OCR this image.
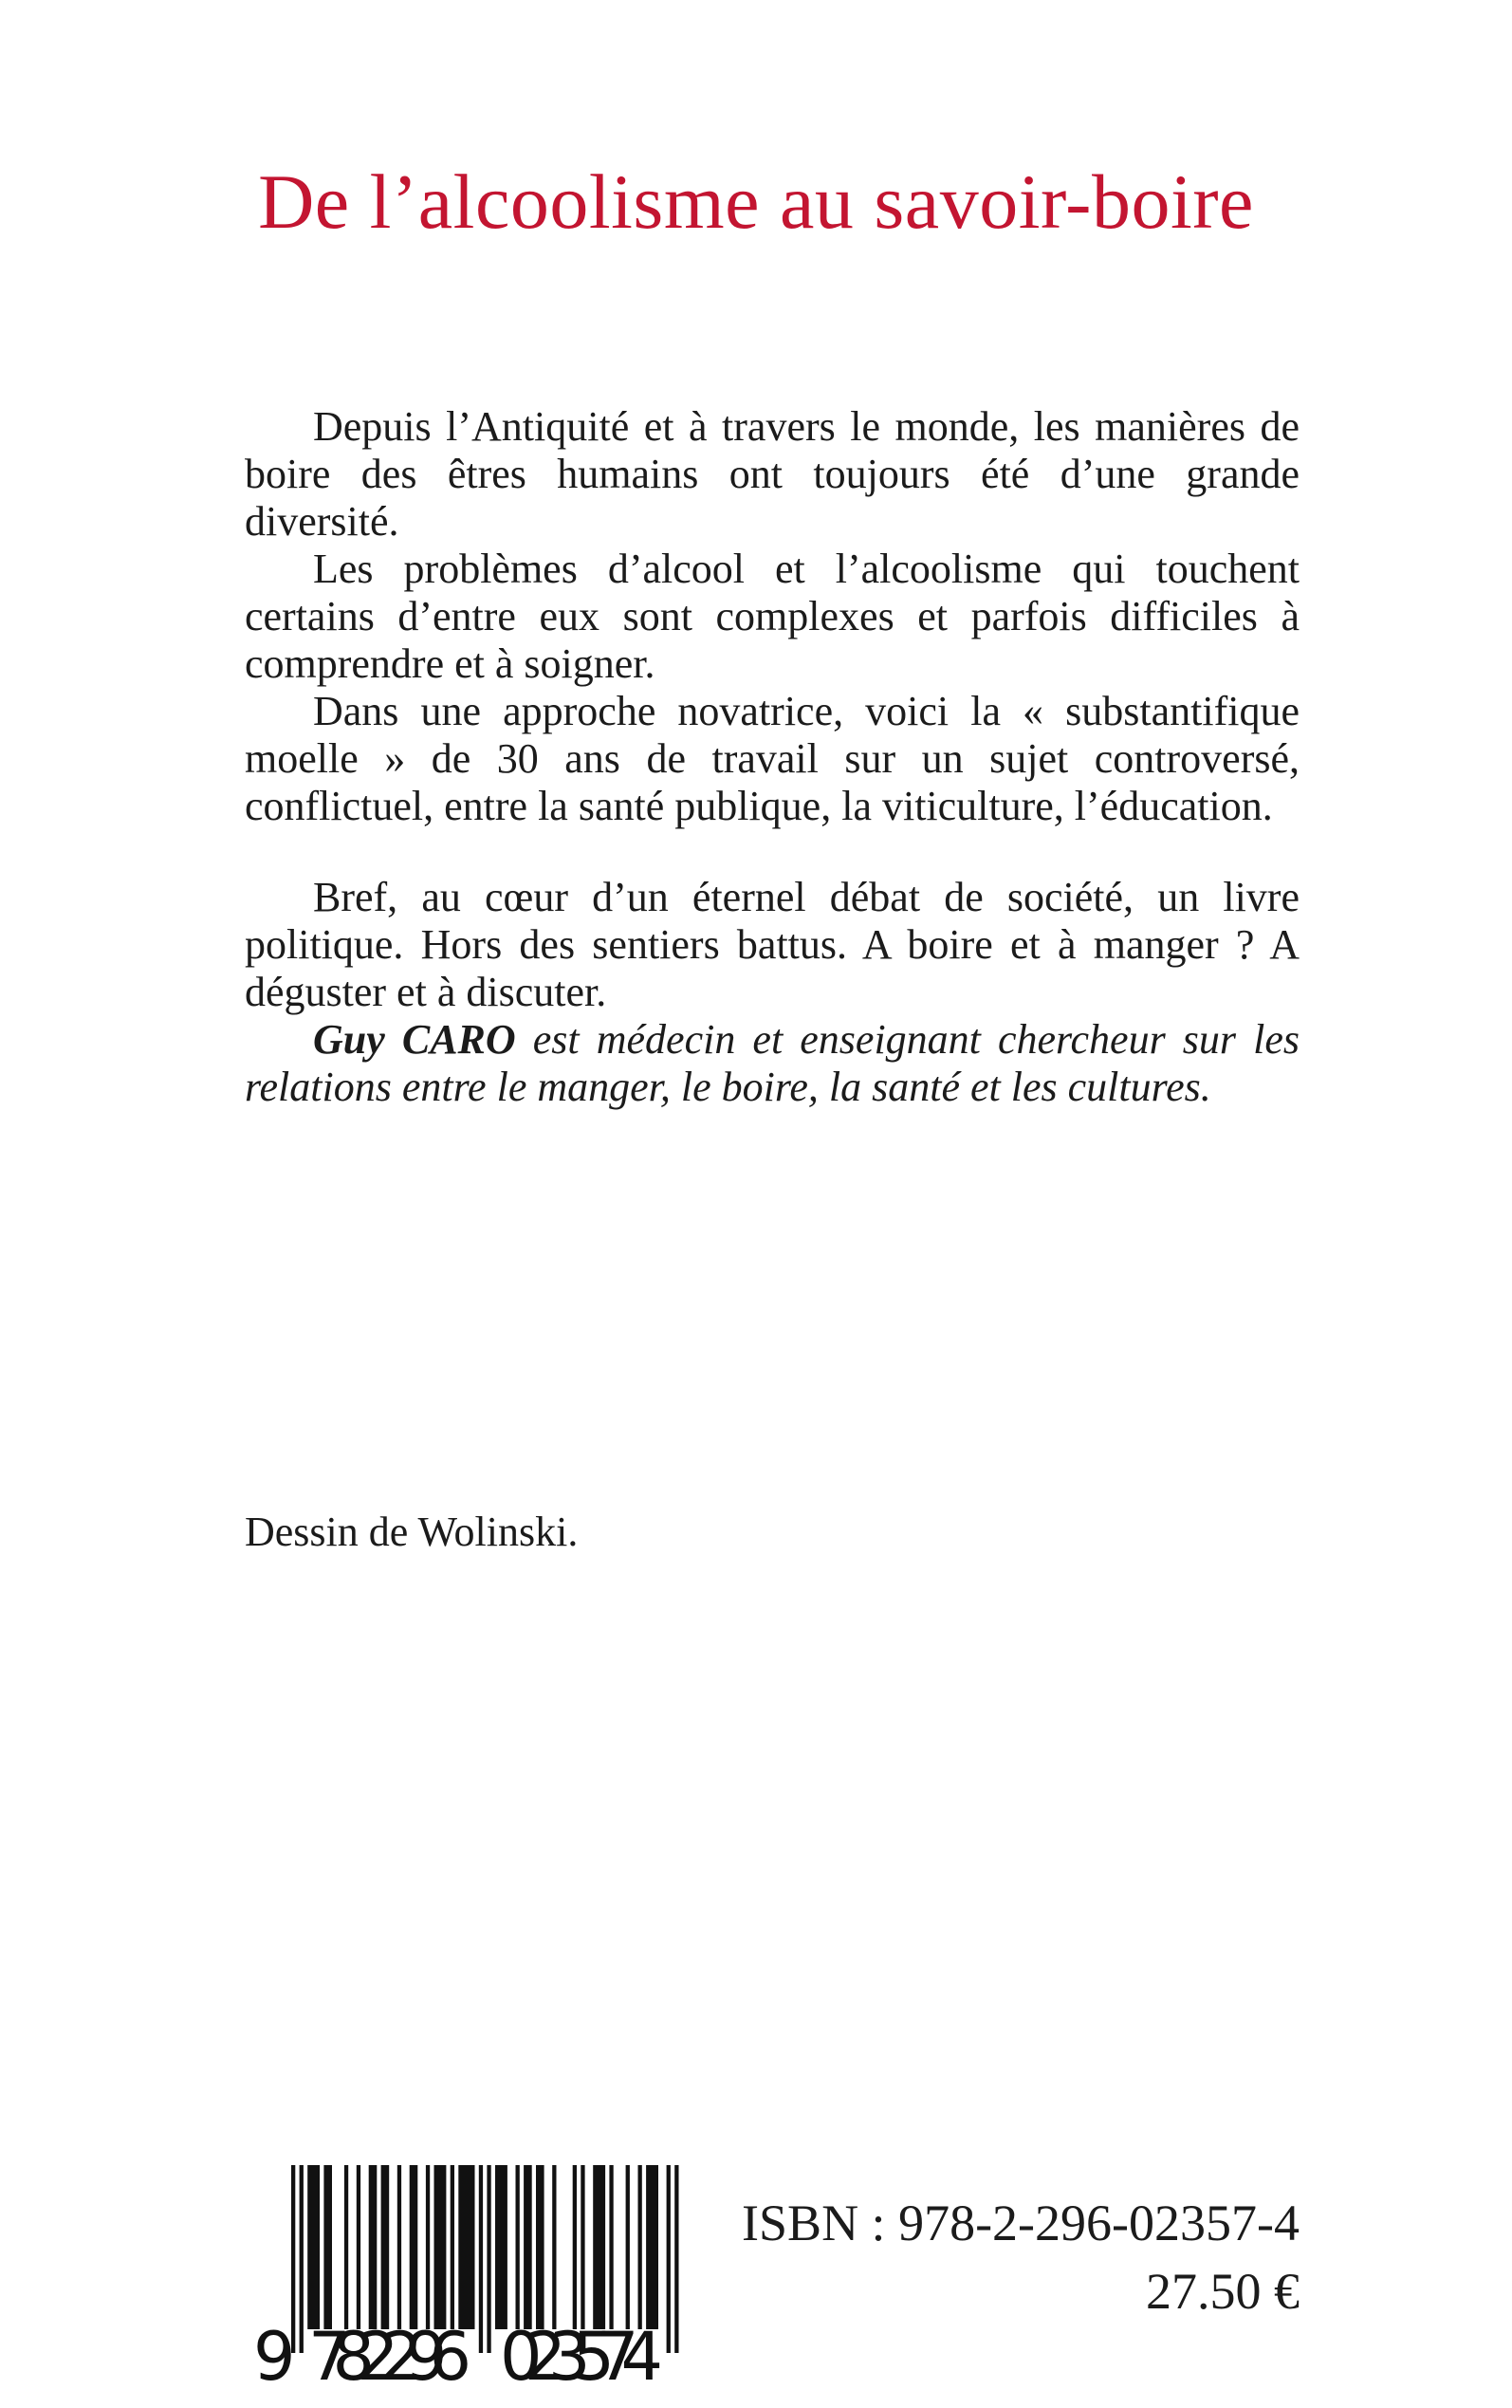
De l’alcoolisme au savoir-boire

Depuis l’Antiquité et à travers le monde, les manières de boire des êtres humains ont toujours été d’une grande diversité.

Les problèmes d’alcool et l’alcoolisme qui touchent certains d’entre eux sont complexes et parfois difficiles à comprendre et à soigner.

Dans une approche novatrice, voici la « substantifique moelle » de 30 ans de travail sur un sujet controversé, conflictuel, entre la santé publique, la viticulture, l’éducation.

Bref, au cœur d’un éternel débat de société, un livre politique. Hors des sentiers battus. A boire et à manger ? A déguster et à discuter.

Guy CARO est médecin et enseignant chercheur sur les relations entre le manger, le boire, la santé et les cultures.

Dessin de Wolinski.
9 782296 023574
ISBN : 978-2-296-02357-4
27.50 €
